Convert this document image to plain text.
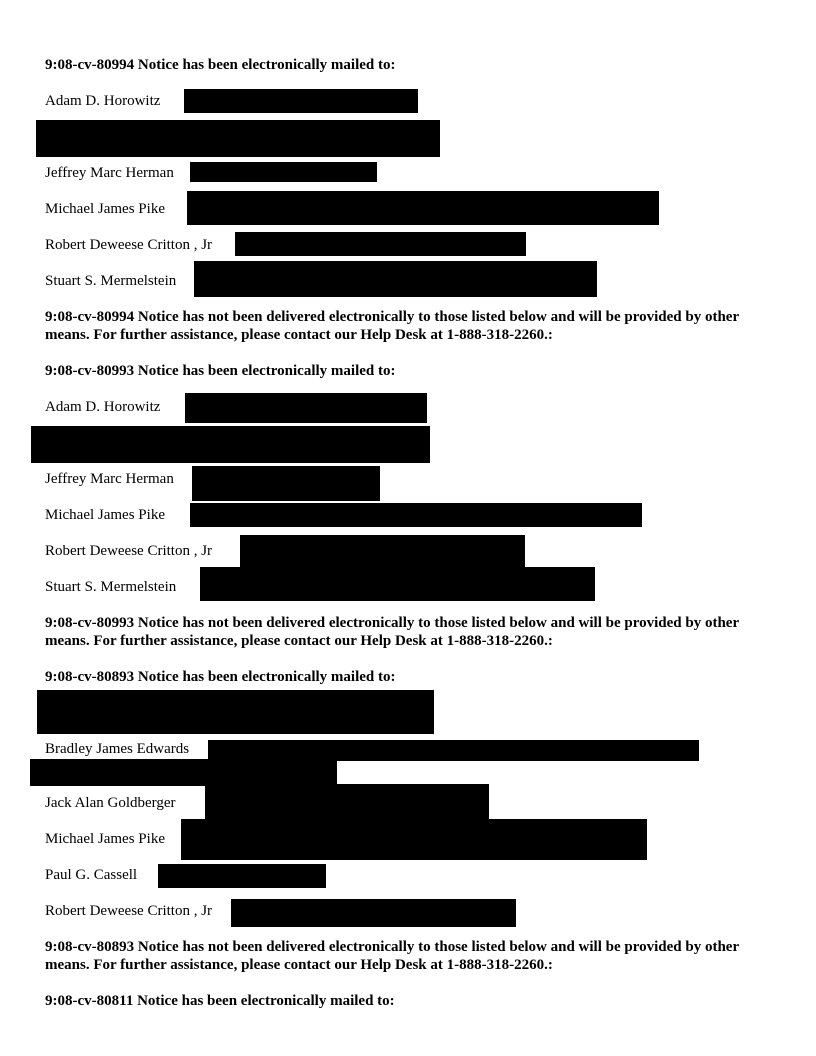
9:08-cv-80994 Notice has been electronically mailed to:
Adam D. Horowitz
Jeffrey Marc Herman
Michael James Pike
Robert Deweese Critton , Jr
Stuart S. Mermelstein
9:08-cv-80994 Notice has not been delivered electronically to those listed below and will be provided by other means. For further assistance, please contact our Help Desk at 1-888-318-2260.:
9:08-cv-80993 Notice has been electronically mailed to:
Adam D. Horowitz
Jeffrey Marc Herman
Michael James Pike
Robert Deweese Critton , Jr
Stuart S. Mermelstein
9:08-cv-80993 Notice has not been delivered electronically to those listed below and will be provided by other means. For further assistance, please contact our Help Desk at 1-888-318-2260.:
9:08-cv-80893 Notice has been electronically mailed to:
Bradley James Edwards
Jack Alan Goldberger
Michael James Pike
Paul G. Cassell
Robert Deweese Critton , Jr
9:08-cv-80893 Notice has not been delivered electronically to those listed below and will be provided by other means. For further assistance, please contact our Help Desk at 1-888-318-2260.:
9:08-cv-80811 Notice has been electronically mailed to:
